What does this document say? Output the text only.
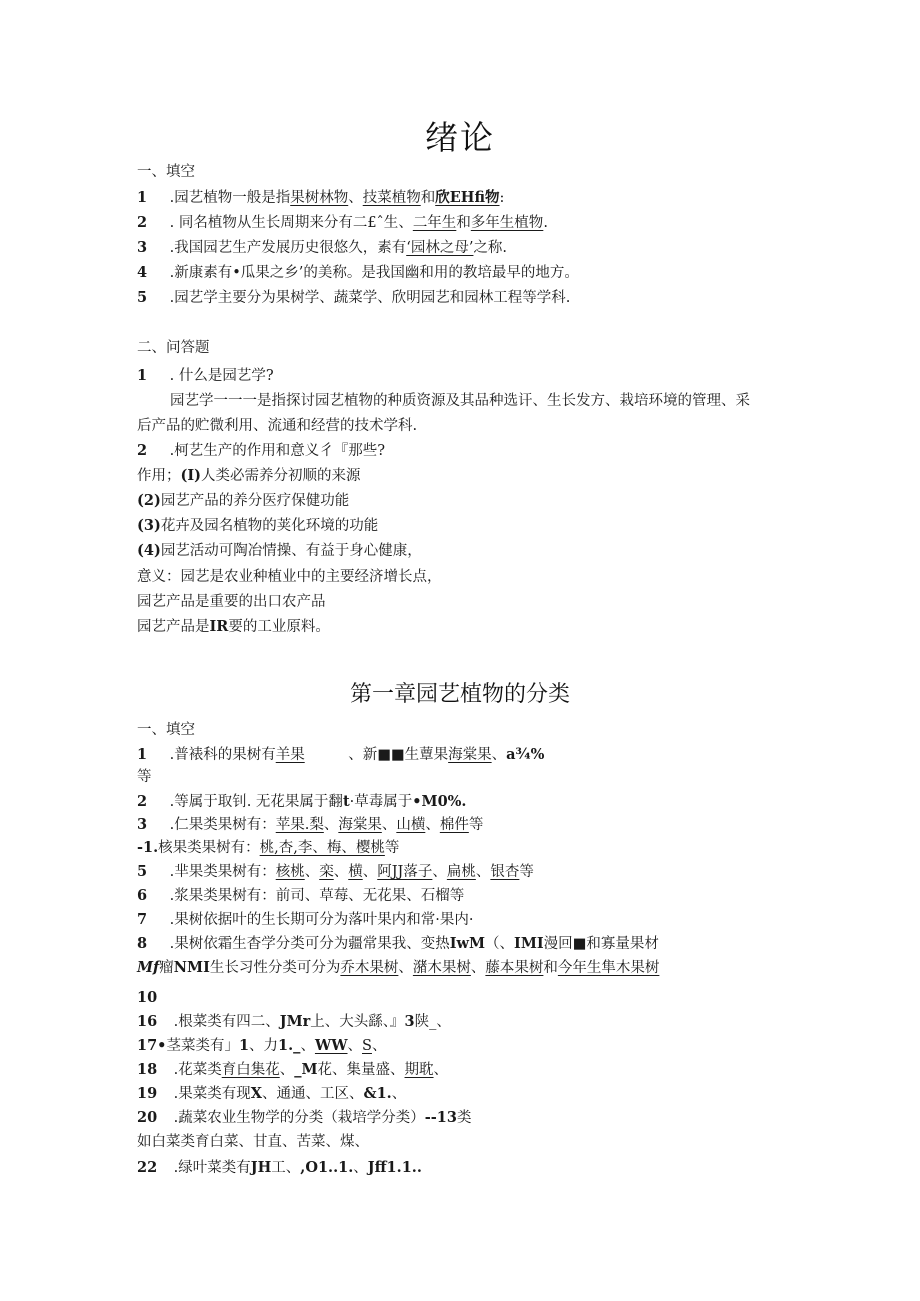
绪论
一、填空
1 .园艺植物一般是指果树林物、技菜植物和欣EHfi物:
2 . 同名植物从生长周期来分有二£ˆ生、二年生和多年生植物.
3 .我国园艺生产发展历史很悠久，素有‘园林之母’之称.
4 .新康素有•瓜果之乡’的美称。是我国幽和用的教培最早的地方。
5 .园艺学主要分为果树学、蔬菜学、欣明园艺和园林工程等学科.
二、问答题
1 . 什么是园艺学?
园艺学一一一是指探讨园艺植物的种质资源及其品种选讦、生长发方、栽培环境的管理、采
后产品的贮微利用、流通和经营的技术学科.
2 .柯艺生产的作用和意义彳『那些?
作用；(I)人类必需养分初顺的来源
(2)园艺产品的养分医疗保健功能
(3)花卉及园名植物的荚化环境的功能
(4)园艺活动可陶冶情操、有益于身心健康，
意义：园艺是农业种植业中的主要经济增长点，
园艺产品是重要的出口农产品
园艺产品是IR要的工业原料。
第一章园艺植物的分类
一、填空
1 .普裱科的果树有羊果　　　、新■■生蕈果海棠果、a¾%
等
2 .等属于取钊. 无花果属于翻t·草毒属于•M0%.
3 .仁果类果树有：苹果.梨、海棠果、山横、棉件等
-1.核果类果树有：桃,杏,李、梅、樱桃等
5 .芈果类果树有：核桃、栾、横、阿JJ落子、扁桃、银杏等
6 .浆果类果树有：前司、草莓、无花果、石榴等
7 .果树依据叶的生长期可分为落叶果内和常·果内·
8 .果树依霜生杳学分类可分为疆常果我、变热IwM（、IMI漫回■和寡量果材
Mf瘤NMI生长习性分类可分为乔木果树、潴木果树、藤本果树和今年生隼木果树
10
16 .根菜类有四二、JMr上、大头繇、』3陕_、
17•茎菜类有」1、力1._、WW、S、
18 .花菜类育白集花、_M花、集量盛、期耽、
19 .果菜类有现X、通通、工区、&1.、
20 .蔬菜农业生物学的分类（栽培学分类）--13类
如白菜类育白菜、甘直、苦菜、煤、
22 .绿叶菜类有JH工、,O1..1.、Jff1.1..
